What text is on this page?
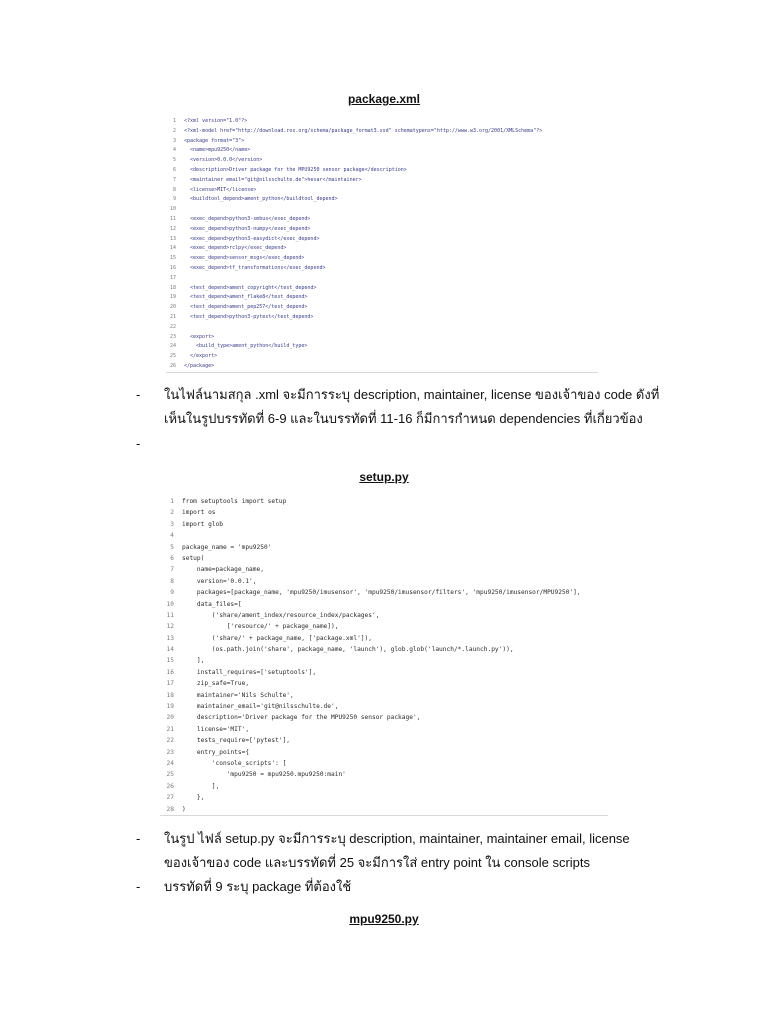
package.xml
1 <?xml version="1.0"?>
2 <?xml-model href="http://download.ros.org/schema/package_format3.xsd" schematypens="http://www.w3.org/2001/XMLSchema"?>
3 <package format="3">
4  <name>mpu9250</name>
5  <version>0.0.0</version>
6  <description>Driver package for the MPU9250 sensor package</description>
7  <maintainer email="git@nilsschulte.de">hexar</maintainer>
8  <license>MIT</license>
9  <buildtool_depend>ament_python</buildtool_depend>
10
11  <exec_depend>python3-smbus</exec_depend>
12  <exec_depend>python3-numpy</exec_depend>
13  <exec_depend>python3-easydict</exec_depend>
14  <exec_depend>rclpy</exec_depend>
15  <exec_depend>sensor_msgs</exec_depend>
16  <exec_depend>tf_transformations</exec_depend>
17
18  <test_depend>ament_copyright</test_depend>
19  <test_depend>ament_flake8</test_depend>
20  <test_depend>ament_pep257</test_depend>
21  <test_depend>python3-pytest</test_depend>
22
23  <export>
24    <build_type>ament_python</build_type>
25  </export>
26 </package>
-	ในไฟล์นามสกุล .xml จะมีการระบุ description, maintainer, license ของเจ้าของ code ดังที่
เห็นในรูปบรรทัดที่ 6-9 และในบรรทัดที่ 11-16 ก็มีการกำหนด dependencies ที่เกี่ยวข้อง
-
setup.py
1 from setuptools import setup
2 import os
3 import glob
4
5 package_name = 'mpu9250'
6 setup(
7    name=package_name,
8    version='0.0.1',
9    packages=[package_name, 'mpu9250/imusensor', 'mpu9250/imusensor/filters', 'mpu9250/imusensor/MPU9250'],
10    data_files=[
11        ('share/ament_index/resource_index/packages',
12            ['resource/' + package_name]),
13        ('share/' + package_name, ['package.xml']),
14        (os.path.join('share', package_name, 'launch'), glob.glob('launch/*.launch.py')),
15    ],
16    install_requires=['setuptools'],
17    zip_safe=True,
18    maintainer='Nils Schulte',
19    maintainer_email='git@nilsschulte.de',
20    description='Driver package for the MPU9250 sensor package',
21    license='MIT',
22    tests_require=['pytest'],
23    entry_points={
24        'console_scripts': [
25            'mpu9250 = mpu9250.mpu9250:main'
26        ],
27    },
28 )
-	ในรูป ไฟล์ setup.py จะมีการระบุ description, maintainer, maintainer email, license
ของเจ้าของ code และบรรทัดที่ 25 จะมีการใส่ entry point ใน console scripts
-	บรรทัดที่ 9 ระบุ package ที่ต้องใช้
mpu9250.py
